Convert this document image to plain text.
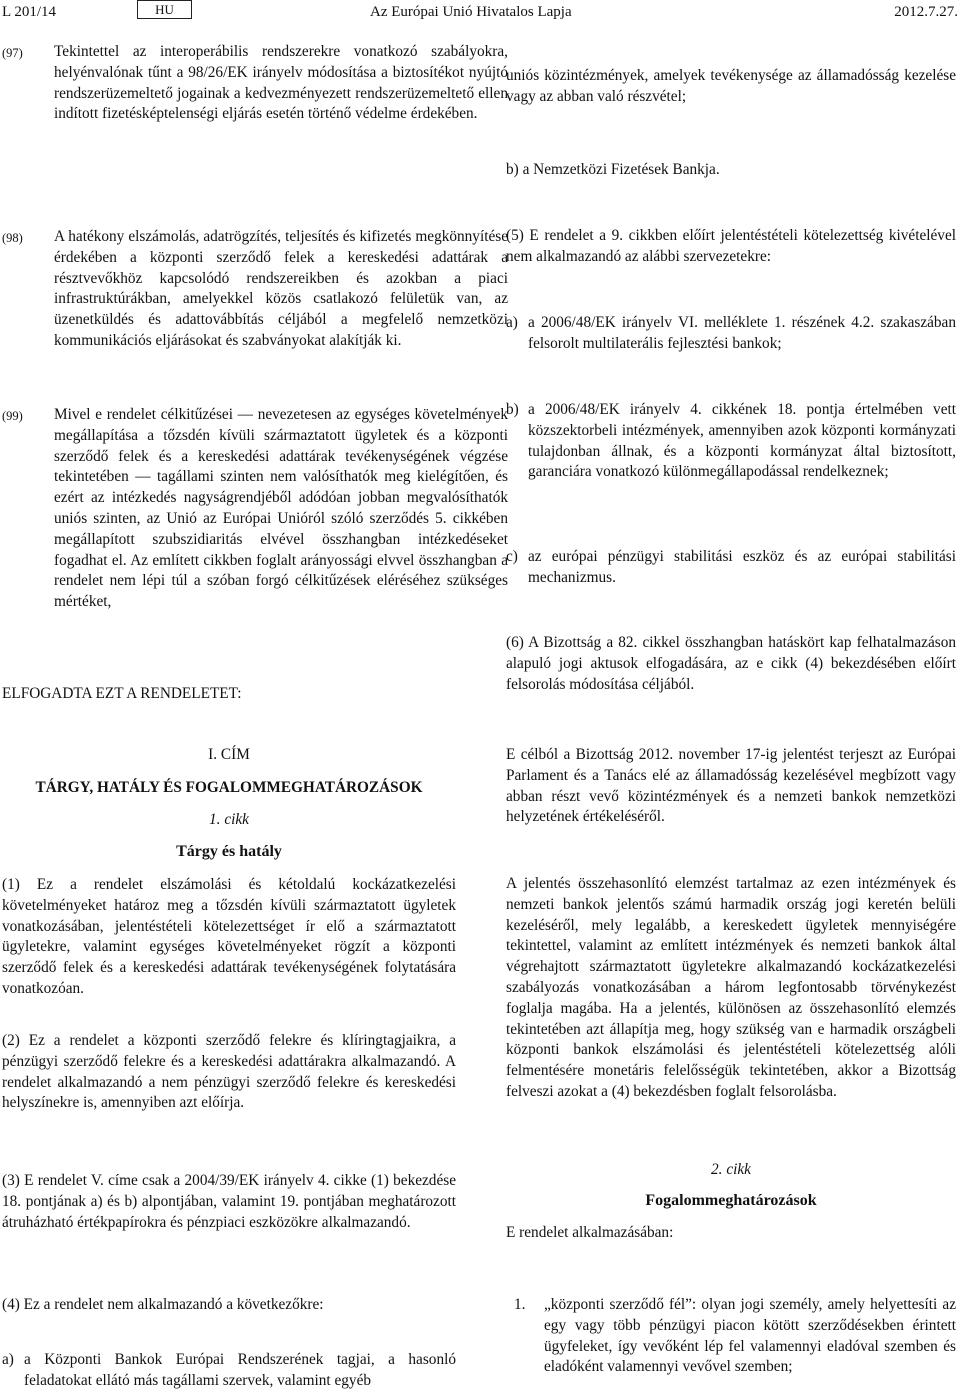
L 201/14	HU	Az Európai Unió Hivatalos Lapja	2012.7.27.
(97) Tekintettel az interoperábilis rendszerekre vonatkozó szabályokra, helyénvalónak tűnt a 98/26/EK irányelv módosítása a biztosítékot nyújtó rendszerüzemeltető jogainak a kedvezményezett rendszerüzemeltető ellen indított fizetésképtelenségi eljárás esetén történő védelme érdekében.
(98) A hatékony elszámolás, adatrögzítés, teljesítés és kifizetés megkönnyítése érdekében a központi szerződő felek a kereskedési adattárak a résztvevőkhöz kapcsolódó rendszereikben és azokban a piaci infrastruktúrákban, amelyekkel közös csatlakozó felületük van, az üzenetküldés és adattovábbítás céljából a megfelelő nemzetközi kommunikációs eljárásokat és szabványokat alakítják ki.
(99) Mivel e rendelet célkitűzései — nevezetesen az egységes követelmények megállapítása a tőzsdén kívüli származtatott ügyletek és a központi szerződő felek és a kereskedési adattárak tevékenységének végzése tekintetében — tagállami szinten nem valósíthatók meg kielégítően, és ezért az intézkedés nagyságrendjéből adódóan jobban megvalósíthatók uniós szinten, az Unió az Európai Unióról szóló szerződés 5. cikkében megállapított szubszidiaritás elvével összhangban intézkedéseket fogadhat el. Az említett cikkben foglalt arányossági elvvel összhangban a rendelet nem lépi túl a szóban forgó célkitűzések eléréséhez szükséges mértéket,
ELFOGADTA EZT A RENDELETET:
I. CÍM
TÁRGY, HATÁLY ÉS FOGALOMMEGHATÁROZÁSOK
1. cikk
Tárgy és hatály
(1) Ez a rendelet elszámolási és kétoldalú kockázatkezelési követelményeket határoz meg a tőzsdén kívüli származtatott ügyletek vonatkozásában, jelentéstételi kötelezettséget ír elő a származtatott ügyletekre, valamint egységes követelményeket rögzít a központi szerződő felek és a kereskedési adattárak tevékenységének folytatására vonatkozóan.
(2) Ez a rendelet a központi szerződő felekre és klíringtagjaikra, a pénzügyi szerződő felekre és a kereskedési adattárakra alkalmazandó. A rendelet alkalmazandó a nem pénzügyi szerződő felekre és kereskedési helyszínekre is, amennyiben azt előírja.
(3) E rendelet V. címe csak a 2004/39/EK irányelv 4. cikke (1) bekezdése 18. pontjának a) és b) alpontjában, valamint 19. pontjában meghatározott átruházható értékpapírokra és pénzpiaci eszközökre alkalmazandó.
(4) Ez a rendelet nem alkalmazandó a következőkre:
a) a Központi Bankok Európai Rendszerének tagjai, a hasonló feladatokat ellátó más tagállami szervek, valamint egyéb
uniós közintézmények, amelyek tevékenysége az államadósság kezelése vagy az abban való részvétel;
b) a Nemzetközi Fizetések Bankja.
(5) E rendelet a 9. cikkben előírt jelentéstételi kötelezettség kivételével nem alkalmazandó az alábbi szervezetekre:
a) a 2006/48/EK irányelv VI. melléklete 1. részének 4.2. szakaszában felsorolt multilaterális fejlesztési bankok;
b) a 2006/48/EK irányelv 4. cikkének 18. pontja értelmében vett közszektorbeli intézmények, amennyiben azok központi kormányzati tulajdonban állnak, és a központi kormányzat által biztosított, garanciára vonatkozó különmegállapodással rendelkeznek;
c) az európai pénzügyi stabilitási eszköz és az európai stabilitási mechanizmus.
(6) A Bizottság a 82. cikkel összhangban hatáskört kap felhatalmazáson alapuló jogi aktusok elfogadására, az e cikk (4) bekezdésében előírt felsorolás módosítása céljából.
E célból a Bizottság 2012. november 17-ig jelentést terjeszt az Európai Parlament és a Tanács elé az államadósság kezelésével megbízott vagy abban részt vevő közintézmények és a nemzeti bankok nemzetközi helyzetének értékeléséről.
A jelentés összehasonlító elemzést tartalmaz az ezen intézmények és nemzeti bankok jelentős számú harmadik ország jogi keretén belüli kezeléséről, mely legalább, a kereskedett ügyletek mennyiségére tekintettel, valamint az említett intézmények és nemzeti bankok által végrehajtott származtatott ügyletekre alkalmazandó kockázatkezelési szabályozás vonatkozásában a három legfontosabb törvénykezést foglalja magába. Ha a jelentés, különösen az összehasonlító elemzés tekintetében azt állapítja meg, hogy szükség van e harmadik országbeli központi bankok elszámolási és jelentéstételi kötelezettség alóli felmentésére monetáris felelősségük tekintetében, akkor a Bizottság felveszi azokat a (4) bekezdésben foglalt felsorolásba.
2. cikk
Fogalommeghatározások
E rendelet alkalmazásában:
1.	„központi szerződő fél”: olyan jogi személy, amely helyettesíti az egy vagy több pénzügyi piacon kötött szerződésekben érintett ügyfeleket, így vevőként lép fel valamennyi eladóval szemben és eladóként valamennyi vevővel szemben;
